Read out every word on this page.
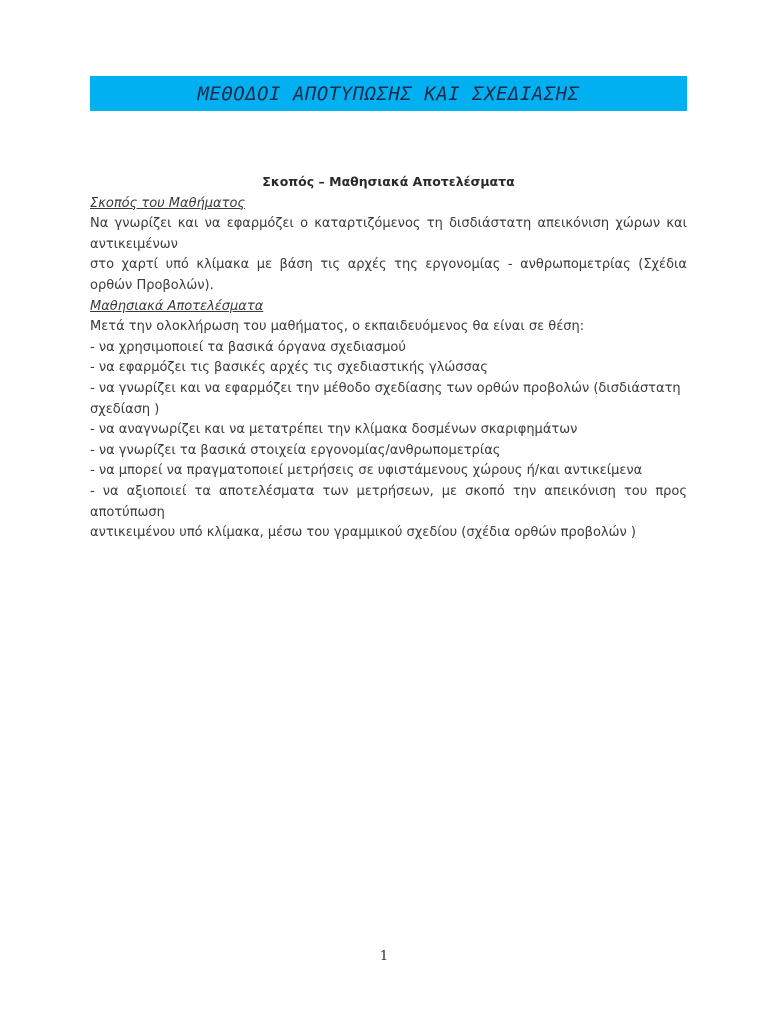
ΜΕΘΟΔΟΙ ΑΠΟΤΥΠΩΣΗΣ ΚΑΙ ΣΧΕΔΙΑΣΗΣ
Σκοπός – Μαθησιακά Αποτελέσματα
Σκοπός του Μαθήματος
Να γνωρίζει και να εφαρμόζει ο καταρτιζόμενος τη δισδιάστατη απεικόνιση χώρων και αντικειμένων
στο χαρτί υπό κλίμακα με βάση τις αρχές της εργονομίας - ανθρωπομετρίας (Σχέδια ορθών Προβολών).
Μαθησιακά Αποτελέσματα
Μετά την ολοκλήρωση του μαθήματος, ο εκπαιδευόμενος θα είναι σε θέση:
- να χρησιμοποιεί τα βασικά όργανα σχεδιασμού
- να εφαρμόζει τις βασικές αρχές τις σχεδιαστικής γλώσσας
- να γνωρίζει και να εφαρμόζει την μέθοδο σχεδίασης των ορθών προβολών (δισδιάστατη
σχεδίαση )
- να αναγνωρίζει και να μετατρέπει την κλίμακα δοσμένων σκαριφημάτων
- να γνωρίζει τα βασικά στοιχεία εργονομίας/ανθρωπομετρίας
- να μπορεί να πραγματοποιεί μετρήσεις σε υφιστάμενους χώρους ή/και αντικείμενα
- να αξιοποιεί τα αποτελέσματα των μετρήσεων, με σκοπό την απεικόνιση του προς αποτύπωση
αντικειμένου υπό κλίμακα, μέσω του γραμμικού σχεδίου (σχέδια ορθών προβολών )
1
